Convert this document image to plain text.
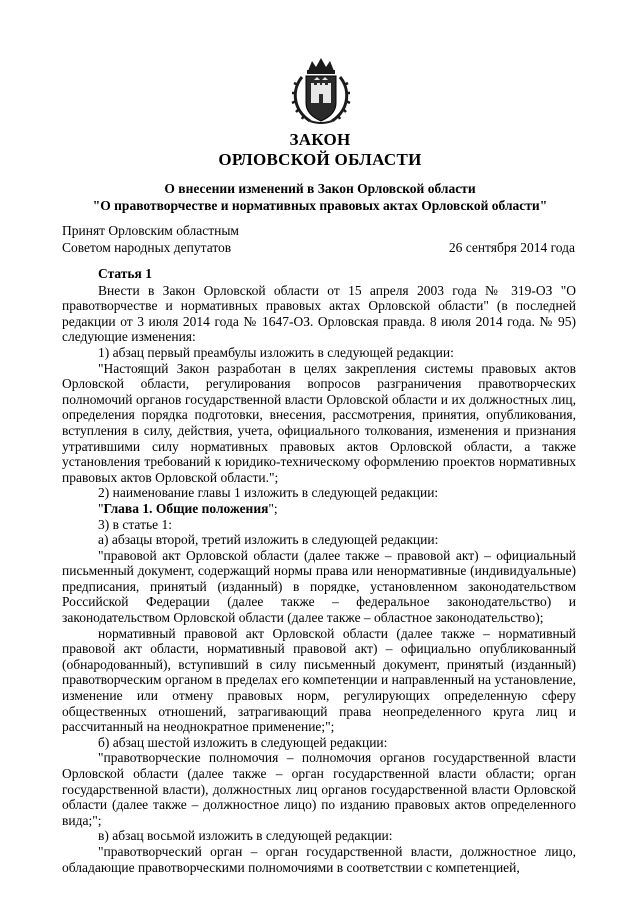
ЗАКОН
ОРЛОВСКОЙ ОБЛАСТИ
О внесении изменений в Закон Орловской области
"О правотворчестве и нормативных правовых актах Орловской области"
Принят Орловским областным
Советом народных депутатов	26 сентября 2014 года

Статья 1

Внести в Закон Орловской области от 15 апреля 2003 года № 319-ОЗ "О правотворчестве и нормативных правовых актах Орловской области" (в последней редакции от 3 июля 2014 года № 1647-ОЗ. Орловская правда. 8 июля 2014 года. № 95) следующие изменения:

1) абзац первый преамбулы изложить в следующей редакции:

"Настоящий Закон разработан в целях закрепления системы правовых актов Орловской области, регулирования вопросов разграничения правотворческих полномочий органов государственной власти Орловской области и их должностных лиц, определения порядка подготовки, внесения, рассмотрения, принятия, опубликования, вступления в силу, действия, учета, официального толкования, изменения и признания утратившими силу нормативных правовых актов Орловской области, а также установления требований к юридико-техническому оформлению проектов нормативных правовых актов Орловской области.";

2) наименование главы 1 изложить в следующей редакции:

"Глава 1. Общие положения";

3) в статье 1:

а) абзацы второй, третий изложить в следующей редакции:

"правовой акт Орловской области (далее также – правовой акт) – официальный письменный документ, содержащий нормы права или ненормативные (индивидуальные) предписания, принятый (изданный) в порядке, установленном законодательством Российской Федерации (далее также – федеральное законодательство) и законодательством Орловской области (далее также – областное законодательство);

нормативный правовой акт Орловской области (далее также – нормативный правовой акт области, нормативный правовой акт) – официально опубликованный (обнародованный), вступивший в силу письменный документ, принятый (изданный) правотворческим органом в пределах его компетенции и направленный на установление, изменение или отмену правовых норм, регулирующих определенную сферу общественных отношений, затрагивающий права неопределенного круга лиц и рассчитанный на неоднократное применение;";

б) абзац шестой изложить в следующей редакции:

"правотворческие полномочия – полномочия органов государственной власти Орловской области (далее также – орган государственной власти области; орган государственной власти), должностных лиц органов государственной власти Орловской области (далее также – должностное лицо) по изданию правовых актов определенного вида;";

в) абзац восьмой изложить в следующей редакции:

"правотворческий орган – орган государственной власти, должностное лицо, обладающие правотворческими полномочиями в соответствии с компетенцией,
